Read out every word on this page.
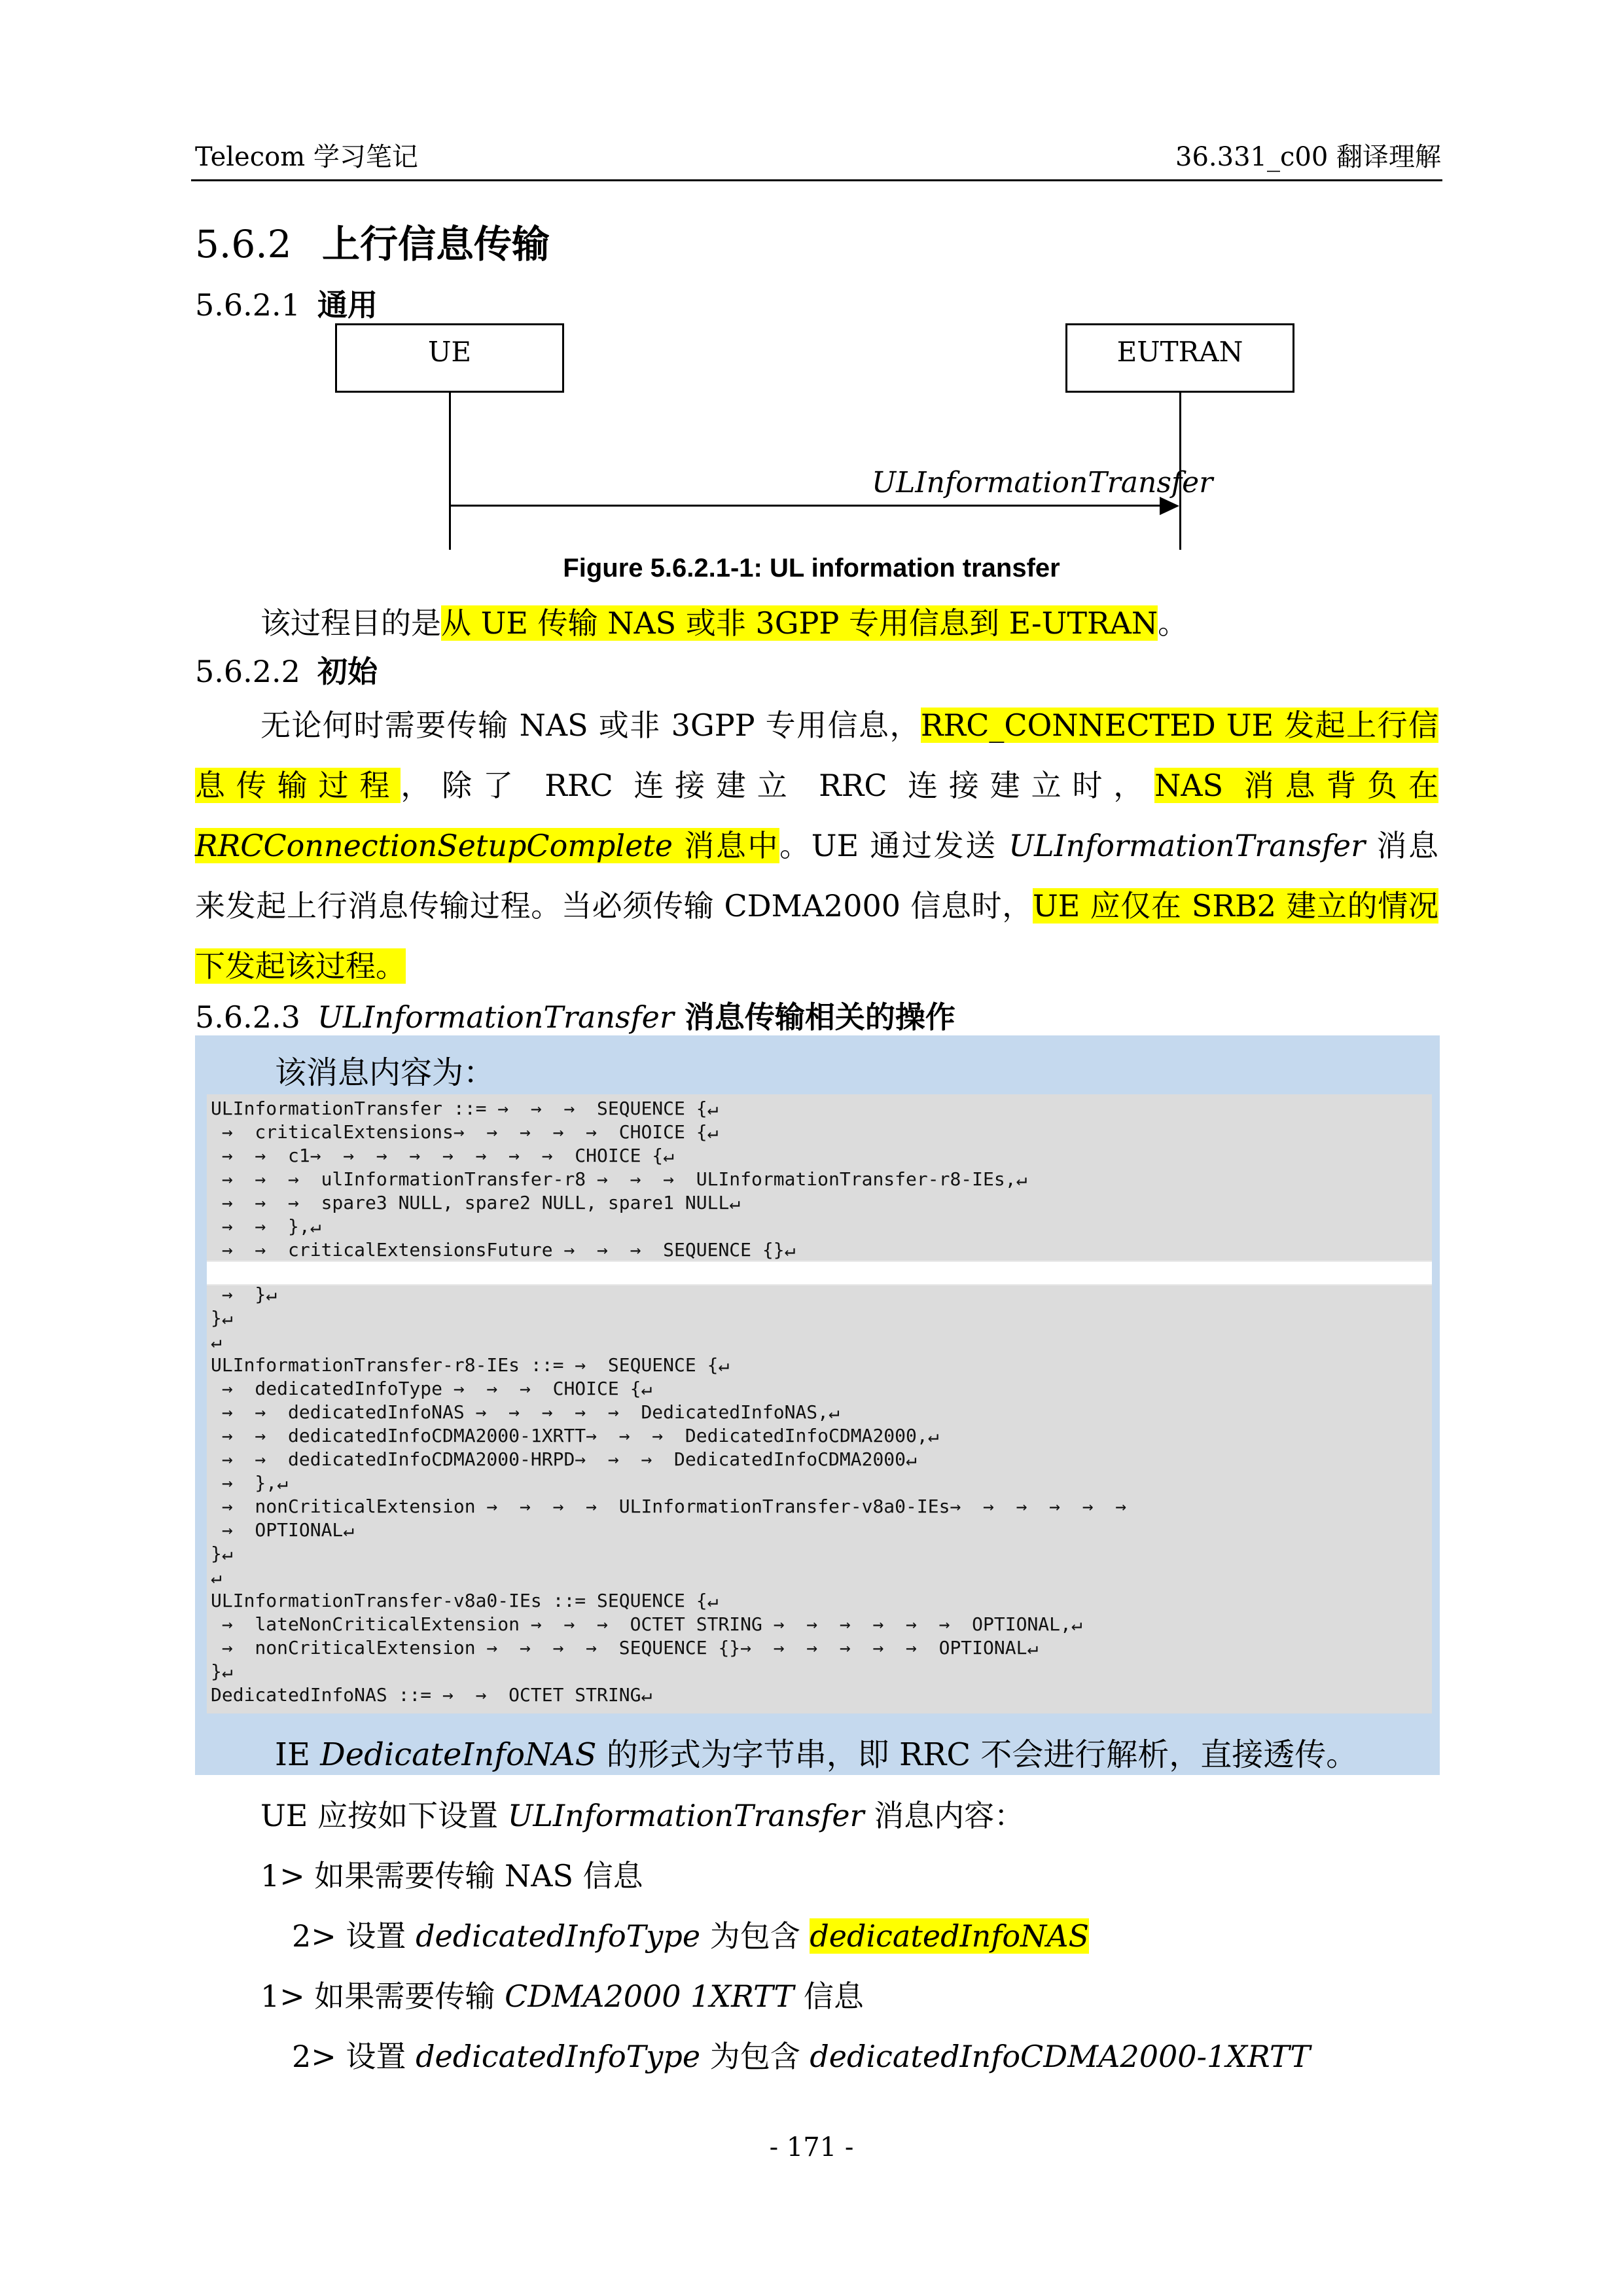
Telecom 学习笔记	36.331_c00 翻译理解
5.6.2 上行信息传输
5.6.2.1 通用
UE	EUTRAN
ULInformationTransfer
Figure 5.6.2.1-1: UL information transfer
该过程目的是从 UE 传输 NAS 或非 3GPP 专用信息到 E-UTRAN。
5.6.2.2 初始
无论何时需要传输 NAS 或非 3GPP 专用信息，RRC_CONNECTED UE 发起上行信息传输过程，除了 RRC 连接建立 RRC 连接建立时，NAS 消息背负在 RRCConnectionSetupComplete 消息中。UE 通过发送 ULInformationTransfer 消息来发起上行消息传输过程。当必须传输 CDMA2000 信息时，UE 应仅在 SRB2 建立的情况下发起该过程。
5.6.2.3 ULInformationTransfer 消息传输相关的操作
该消息内容为：
ULInformationTransfer ::= →  →  →  SEQUENCE {↵
→  criticalExtensions→  →  →  →  →  CHOICE {↵
→  →  c1→  →  →  →  →  →  →  →  CHOICE {↵
→  →  →  ulInformationTransfer-r8 →  →  →  ULInformationTransfer-r8-IEs,↵
→  →  →  spare3 NULL, spare2 NULL, spare1 NULL↵
→  →  },↵
→  →  criticalExtensionsFuture →  →  →  SEQUENCE {}↵
→  }↵
}↵
↵
ULInformationTransfer-r8-IEs ::= →  SEQUENCE {↵
→  dedicatedInfoType →  →  →  CHOICE {↵
→  →  dedicatedInfoNAS →  →  →  →  →  DedicatedInfoNAS,↵
→  →  dedicatedInfoCDMA2000-1XRTT→  →  →  DedicatedInfoCDMA2000,↵
→  →  dedicatedInfoCDMA2000-HRPD→  →  →  DedicatedInfoCDMA2000↵
→  },↵
→  nonCriticalExtension →  →  →  →  ULInformationTransfer-v8a0-IEs→  →  →  →  →  →
→  OPTIONAL↵
}↵
↵
ULInformationTransfer-v8a0-IEs ::= SEQUENCE {↵
→  lateNonCriticalExtension →  →  →  OCTET STRING →  →  →  →  →  →  OPTIONAL,↵
→  nonCriticalExtension →  →  →  →  SEQUENCE {}→  →  →  →  →  →  OPTIONAL↵
}↵
DedicatedInfoNAS ::= →  →  OCTET STRING↵
IE DedicateInfoNAS 的形式为字节串，即 RRC 不会进行解析，直接透传。
UE 应按如下设置 ULInformationTransfer 消息内容：
1> 如果需要传输 NAS 信息
2> 设置 dedicatedInfoType 为包含 dedicatedInfoNAS
1> 如果需要传输 CDMA2000 1XRTT 信息
2> 设置 dedicatedInfoType 为包含 dedicatedInfoCDMA2000-1XRTT
- 171 -
